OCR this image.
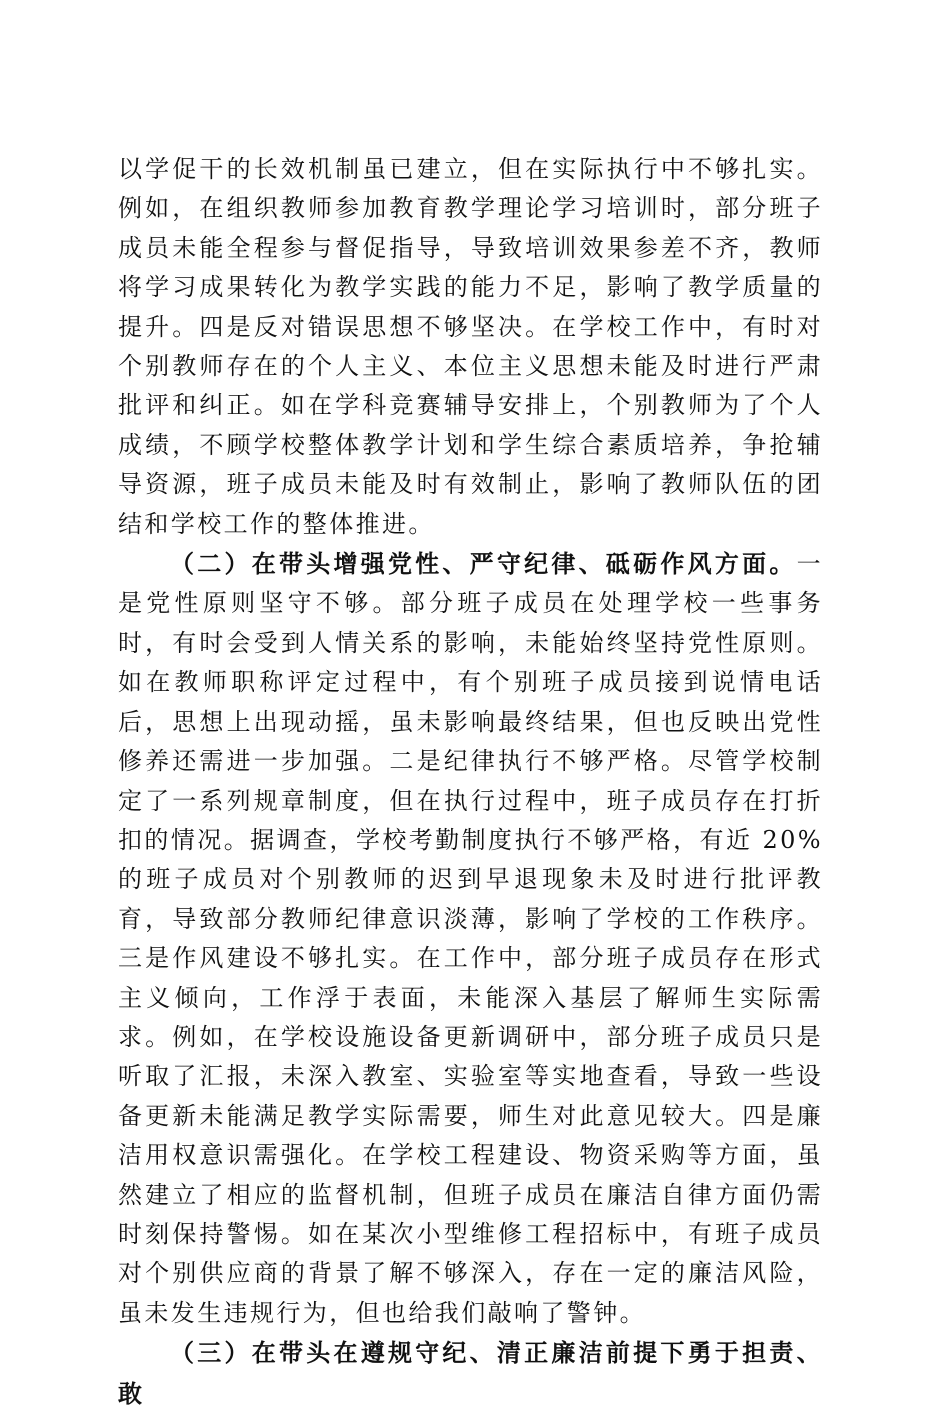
以学促干的长效机制虽已建立，但在实际执行中不够扎实。例如，在组织教师参加教育教学理论学习培训时，部分班子成员未能全程参与督促指导，导致培训效果参差不齐，教师将学习成果转化为教学实践的能力不足，影响了教学质量的提升。四是反对错误思想不够坚决。在学校工作中，有时对个别教师存在的个人主义、本位主义思想未能及时进行严肃批评和纠正。如在学科竞赛辅导安排上，个别教师为了个人成绩，不顾学校整体教学计划和学生综合素质培养，争抢辅导资源，班子成员未能及时有效制止，影响了教师队伍的团结和学校工作的整体推进。

（二）在带头增强党性、严守纪律、砥砺作风方面。一是党性原则坚守不够。部分班子成员在处理学校一些事务时，有时会受到人情关系的影响，未能始终坚持党性原则。如在教师职称评定过程中，有个别班子成员接到说情电话后，思想上出现动摇，虽未影响最终结果，但也反映出党性修养还需进一步加强。二是纪律执行不够严格。尽管学校制定了一系列规章制度，但在执行过程中，班子成员存在打折扣的情况。据调查，学校考勤制度执行不够严格，有近 20%的班子成员对个别教师的迟到早退现象未及时进行批评教育，导致部分教师纪律意识淡薄，影响了学校的工作秩序。三是作风建设不够扎实。在工作中，部分班子成员存在形式主义倾向，工作浮于表面，未能深入基层了解师生实际需求。例如，在学校设施设备更新调研中，部分班子成员只是听取了汇报，未深入教室、实验室等实地查看，导致一些设备更新未能满足教学实际需要，师生对此意见较大。四是廉洁用权意识需强化。在学校工程建设、物资采购等方面，虽然建立了相应的监督机制，但班子成员在廉洁自律方面仍需时刻保持警惕。如在某次小型维修工程招标中，有班子成员对个别供应商的背景了解不够深入，存在一定的廉洁风险，虽未发生违规行为，但也给我们敲响了警钟。

（三）在带头在遵规守纪、清正廉洁前提下勇于担责、敢
